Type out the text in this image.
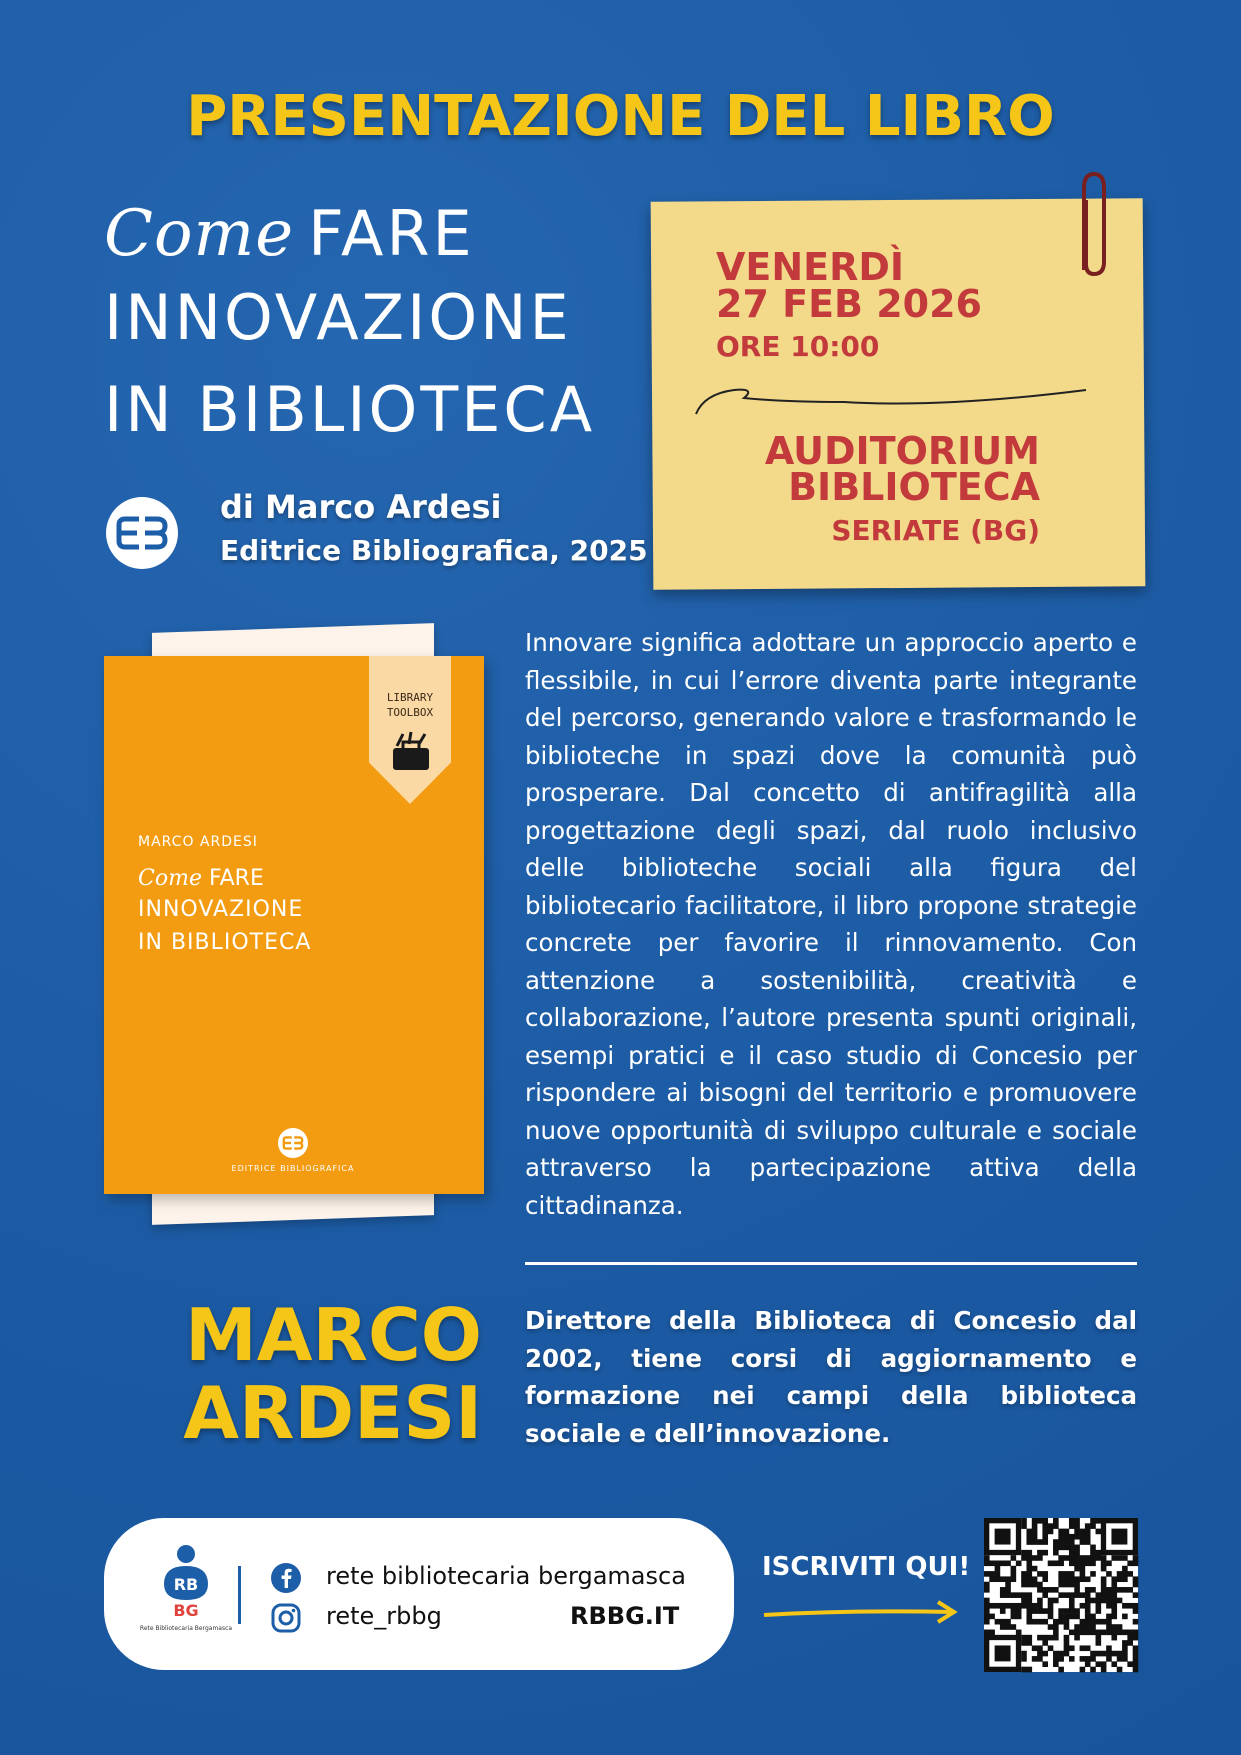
PRESENTAZIONE DEL LIBRO
Come FARE
INNOVAZIONE
IN BIBLIOTECA
di Marco Ardesi
Editrice Bibliografica, 2025
VENERDÌ
27 FEB 2026
ORE 10:00
AUDITORIUM
BIBLIOTECA
SERIATE (BG)
LIBRARY
TOOLBOX
MARCO ARDESI
Come FARE
INNOVAZIONE
IN BIBLIOTECA
EDITRICE BIBLIOGRAFICA
Innovare significa adottare un approccio aperto e flessibile, in cui l’errore diventa parte integrante del percorso, generando valore e trasformando le biblioteche in spazi dove la comunità può prosperare. Dal concetto di antifragilità alla progettazione degli spazi, dal ruolo inclusivo delle biblioteche sociali alla figura del bibliotecario facilitatore, il libro propone strategie concrete per favorire il rinnovamento. Con attenzione a sostenibilità, creatività e collaborazione, l’autore presenta spunti originali, esempi pratici e il caso studio di Concesio per rispondere ai bisogni del territorio e promuovere nuove opportunità di sviluppo culturale e sociale attraverso la partecipazione attiva della cittadinanza.
MARCO
ARDESI
Direttore della Biblioteca di Concesio dal 2002, tiene corsi di aggiornamento e formazione nei campi della biblioteca sociale e dell’innovazione.
RB
BG
Rete Bibliotecaria Bergamasca
rete bibliotecaria bergamasca
rete_rbbg	RBBG.IT
ISCRIVITI QUI!
